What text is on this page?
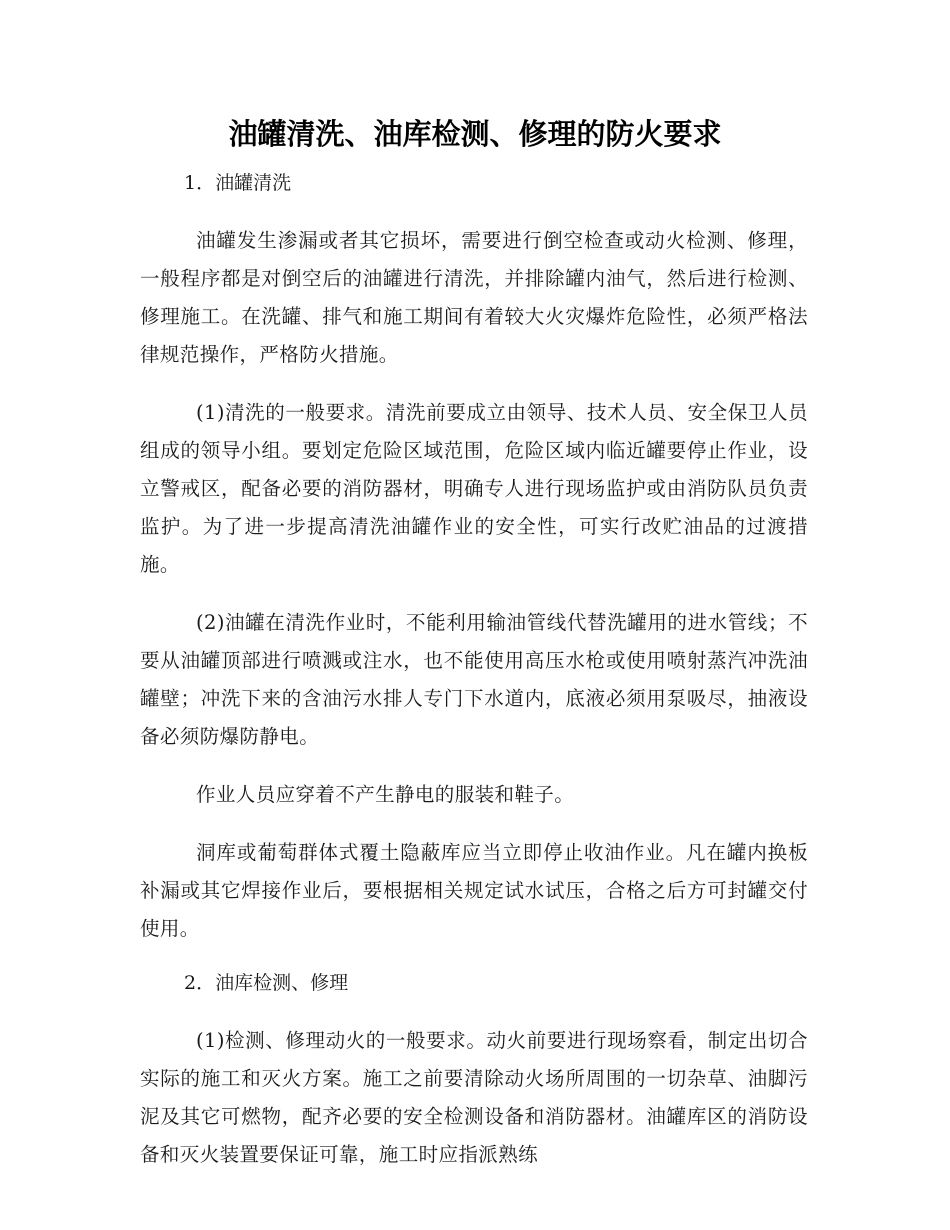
油罐清洗、油库检测、修理的防火要求

1．油罐清洗

油罐发生渗漏或者其它损坏，需要进行倒空检查或动火检测、修理，一般程序都是对倒空后的油罐进行清洗，并排除罐内油气，然后进行检测、修理施工。在洗罐、排气和施工期间有着较大火灾爆炸危险性，必须严格法律规范操作，严格防火措施。

(1)清洗的一般要求。清洗前要成立由领导、技术人员、安全保卫人员组成的领导小组。要划定危险区域范围，危险区域内临近罐要停止作业，设立警戒区，配备必要的消防器材，明确专人进行现场监护或由消防队员负责监护。为了进一步提高清洗油罐作业的安全性，可实行改贮油品的过渡措施。

(2)油罐在清洗作业时，不能利用输油管线代替洗罐用的进水管线；不要从油罐顶部进行喷溅或注水，也不能使用高压水枪或使用喷射蒸汽冲洗油罐壁；冲洗下来的含油污水排人专门下水道内，底液必须用泵吸尽，抽液设备必须防爆防静电。

作业人员应穿着不产生静电的服装和鞋子。

洞库或葡萄群体式覆土隐蔽库应当立即停止收油作业。凡在罐内换板补漏或其它焊接作业后，要根据相关规定试水试压，合格之后方可封罐交付使用。

2．油库检测、修理

(1)检测、修理动火的一般要求。动火前要进行现场察看，制定出切合实际的施工和灭火方案。施工之前要清除动火场所周围的一切杂草、油脚污泥及其它可燃物，配齐必要的安全检测设备和消防器材。油罐库区的消防设备和灭火装置要保证可靠，施工时应指派熟练
